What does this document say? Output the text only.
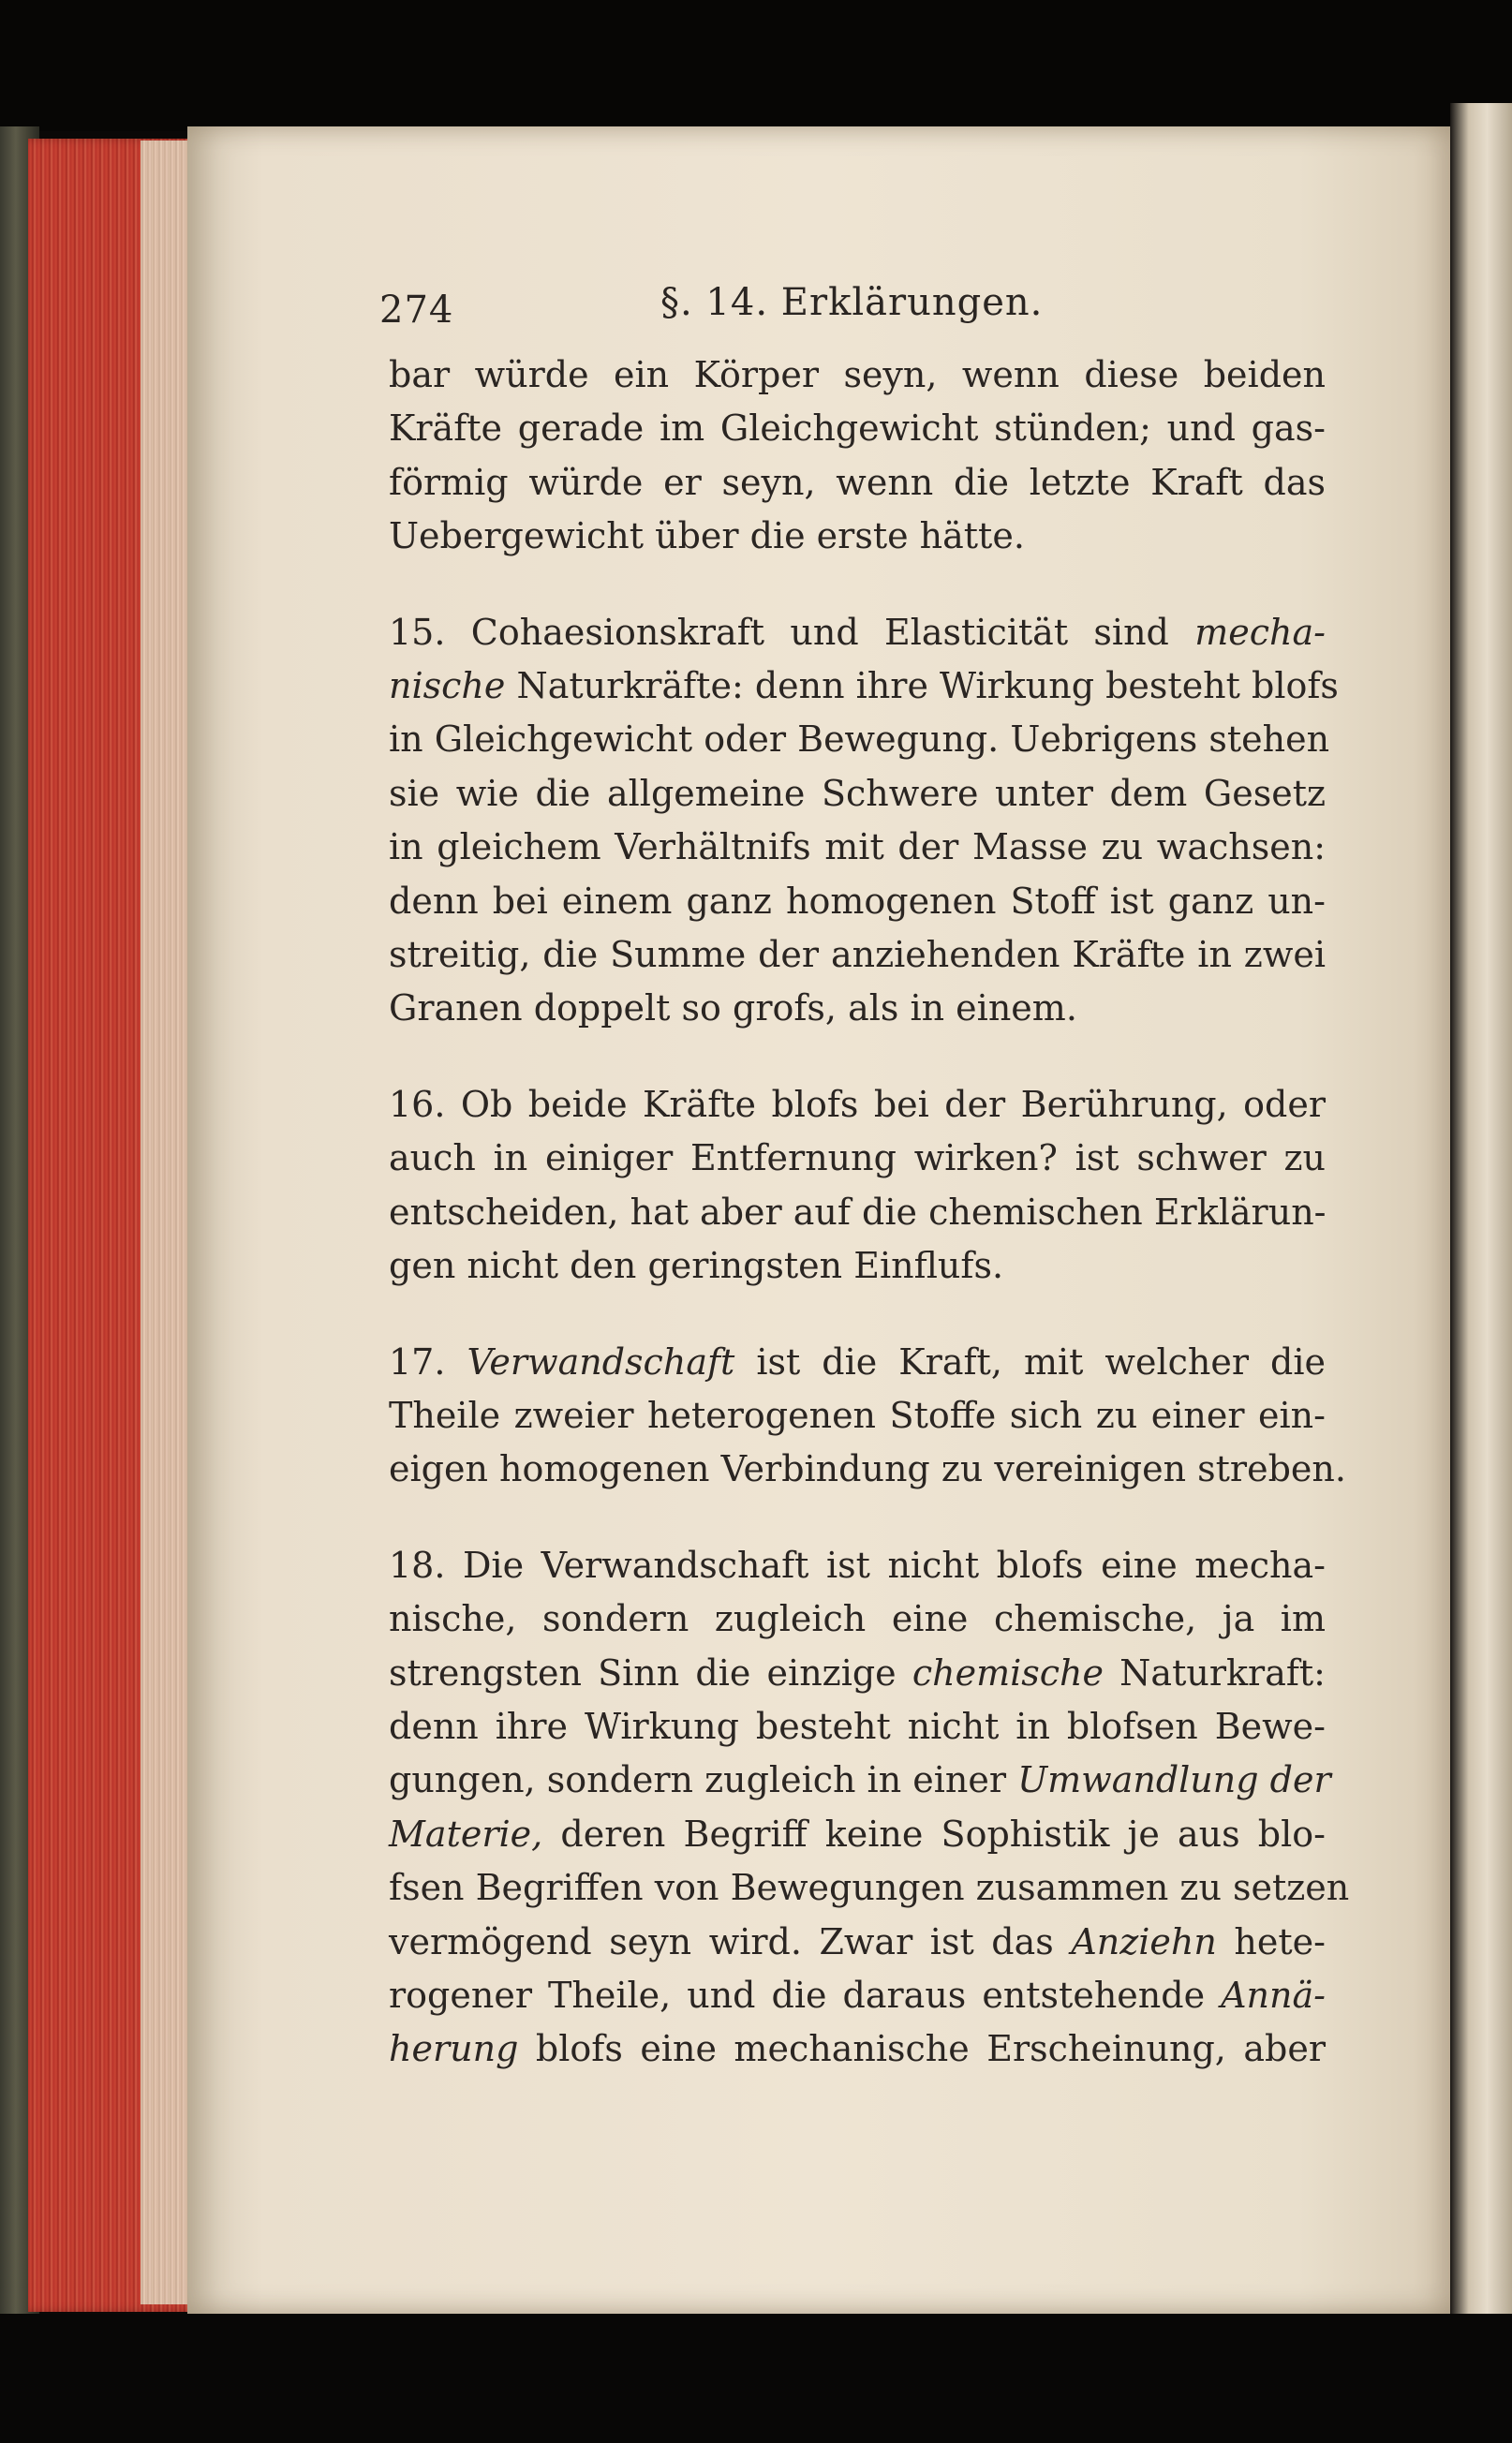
274	§. 14. Erklärungen.
bar würde ein Körper seyn, wenn diese beiden
Kräfte gerade im Gleichgewicht stünden; und gas-
förmig würde er seyn, wenn die letzte Kraft das
Uebergewicht über die erste hätte.
15. Cohaesionskraft und Elasticität sind mecha-
nische Naturkräfte: denn ihre Wirkung besteht blofs
in Gleichgewicht oder Bewegung. Uebrigens stehen
sie wie die allgemeine Schwere unter dem Gesetz
in gleichem Verhältnifs mit der Masse zu wachsen:
denn bei einem ganz homogenen Stoff ist ganz un-
streitig, die Summe der anziehenden Kräfte in zwei
Granen doppelt so grofs, als in einem.
16. Ob beide Kräfte blofs bei der Berührung, oder
auch in einiger Entfernung wirken? ist schwer zu
entscheiden, hat aber auf die chemischen Erklärun-
gen nicht den geringsten Einflufs.
17. Verwandschaft ist die Kraft, mit welcher die
Theile zweier heterogenen Stoffe sich zu einer ein-
eigen homogenen Verbindung zu vereinigen streben.
18. Die Verwandschaft ist nicht blofs eine mecha-
nische, sondern zugleich eine chemische, ja im
strengsten Sinn die einzige chemische Naturkraft:
denn ihre Wirkung besteht nicht in blofsen Bewe-
gungen, sondern zugleich in einer Umwandlung der
Materie, deren Begriff keine Sophistik je aus blo-
fsen Begriffen von Bewegungen zusammen zu setzen
vermögend seyn wird. Zwar ist das Anziehn hete-
rogener Theile, und die daraus entstehende Annä-
herung blofs eine mechanische Erscheinung, aber
